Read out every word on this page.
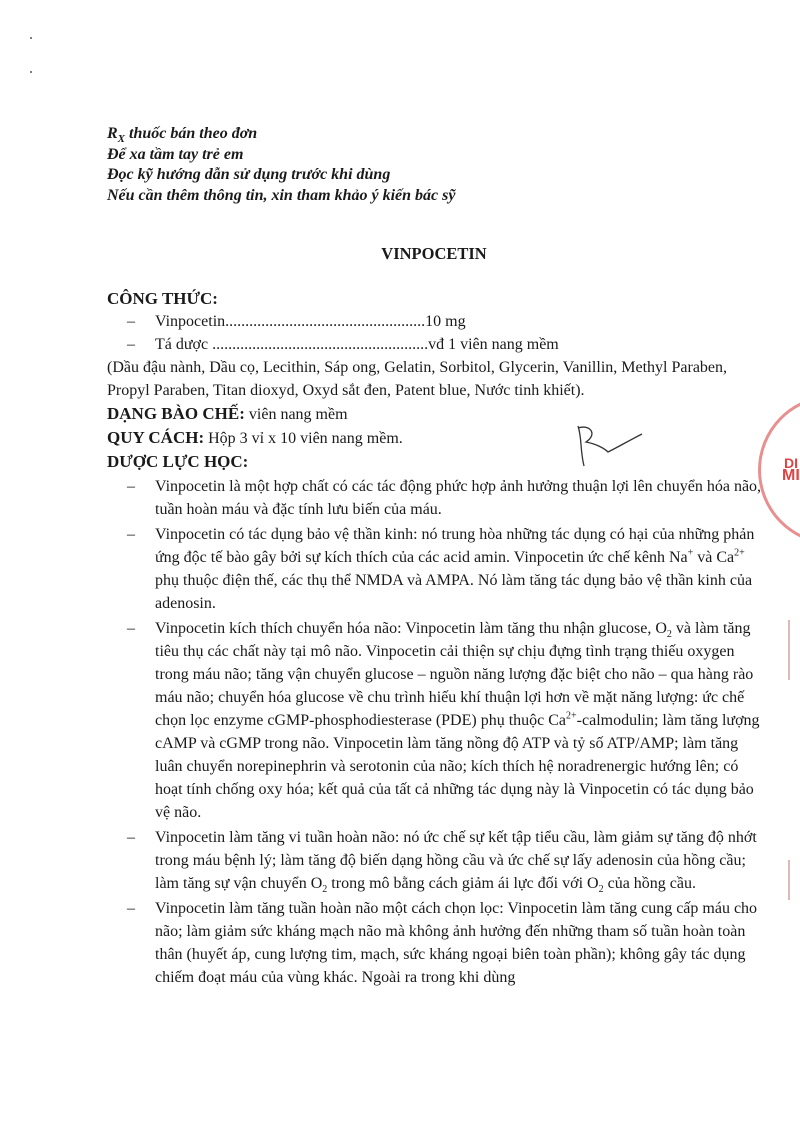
$R_X$ thuốc bán theo đơn
Để xa tầm tay trẻ em
Đọc kỹ hướng dẫn sử dụng trước khi dùng
Nếu cần thêm thông tin, xin tham khảo ý kiến bác sỹ
VINPOCETIN
CÔNG THỨC:
–
Vinpocetin..................................................10 mg
–
Tá dược ......................................................vđ 1 viên nang mềm
(Dầu đậu nành, Dầu cọ, Lecithin, Sáp ong, Gelatin, Sorbitol, Glycerin, Vanillin, Methyl Paraben, Propyl Paraben, Titan dioxyd, Oxyd sắt đen, Patent blue, Nước tinh khiết).
DẠNG BÀO CHẾ: viên nang mềm
QUY CÁCH: Hộp 3 vỉ x 10 viên nang mềm.
DƯỢC LỰC HỌC:
–
Vinpocetin là một hợp chất có các tác động phức hợp ảnh hưởng thuận lợi lên chuyển hóa não, tuần hoàn máu và đặc tính lưu biến của máu.
–
Vinpocetin có tác dụng bảo vệ thần kinh: nó trung hòa những tác dụng có hại của những phản ứng độc tế bào gây bởi sự kích thích của các acid amin. Vinpocetin ức chế kênh Na+ và $Ca^{2+}$ phụ thuộc điện thế, các thụ thể NMDA và AMPA. Nó làm tăng tác dụng bảo vệ thần kinh của adenosin.
–
Vinpocetin kích thích chuyển hóa não: Vinpocetin làm tăng thu nhận glucose, $O_2$ và làm tăng tiêu thụ các chất này tại mô não. Vinpocetin cải thiện sự chịu đựng tình trạng thiếu oxygen trong máu não; tăng vận chuyển glucose – nguồn năng lượng đặc biệt cho não – qua hàng rào máu não; chuyển hóa glucose về chu trình hiếu khí thuận lợi hơn về mặt năng lượng: ức chế chọn lọc enzyme cGMP-phosphodiesterase (PDE) phụ thuộc $Ca^{2+}$-calmodulin; làm tăng lượng cAMP và cGMP trong não. Vinpocetin làm tăng nồng độ ATP và tỷ số ATP/AMP; làm tăng luân chuyển norepinephrin và serotonin của não; kích thích hệ noradrenergic hướng lên; có hoạt tính chống oxy hóa; kết quả của tất cả những tác dụng này là Vinpocetin có tác dụng bảo vệ não.
–
Vinpocetin làm tăng vi tuần hoàn não: nó ức chế sự kết tập tiểu cầu, làm giảm sự tăng độ nhớt trong máu bệnh lý; làm tăng độ biến dạng hồng cầu và ức chế sự lấy adenosin của hồng cầu; làm tăng sự vận chuyển $O_2$ trong mô bằng cách giảm ái lực đối với $O_2$ của hồng cầu.
–
Vinpocetin làm tăng tuần hoàn não một cách chọn lọc: Vinpocetin làm tăng cung cấp máu cho não; làm giảm sức kháng mạch não mà không ảnh hưởng đến những tham số tuần hoàn toàn thân (huyết áp, cung lượng tim, mạch, sức kháng ngoại biên toàn phần); không gây tác dụng chiếm đoạt máu của vùng khác. Ngoài ra trong khi dùng
DI
MI
